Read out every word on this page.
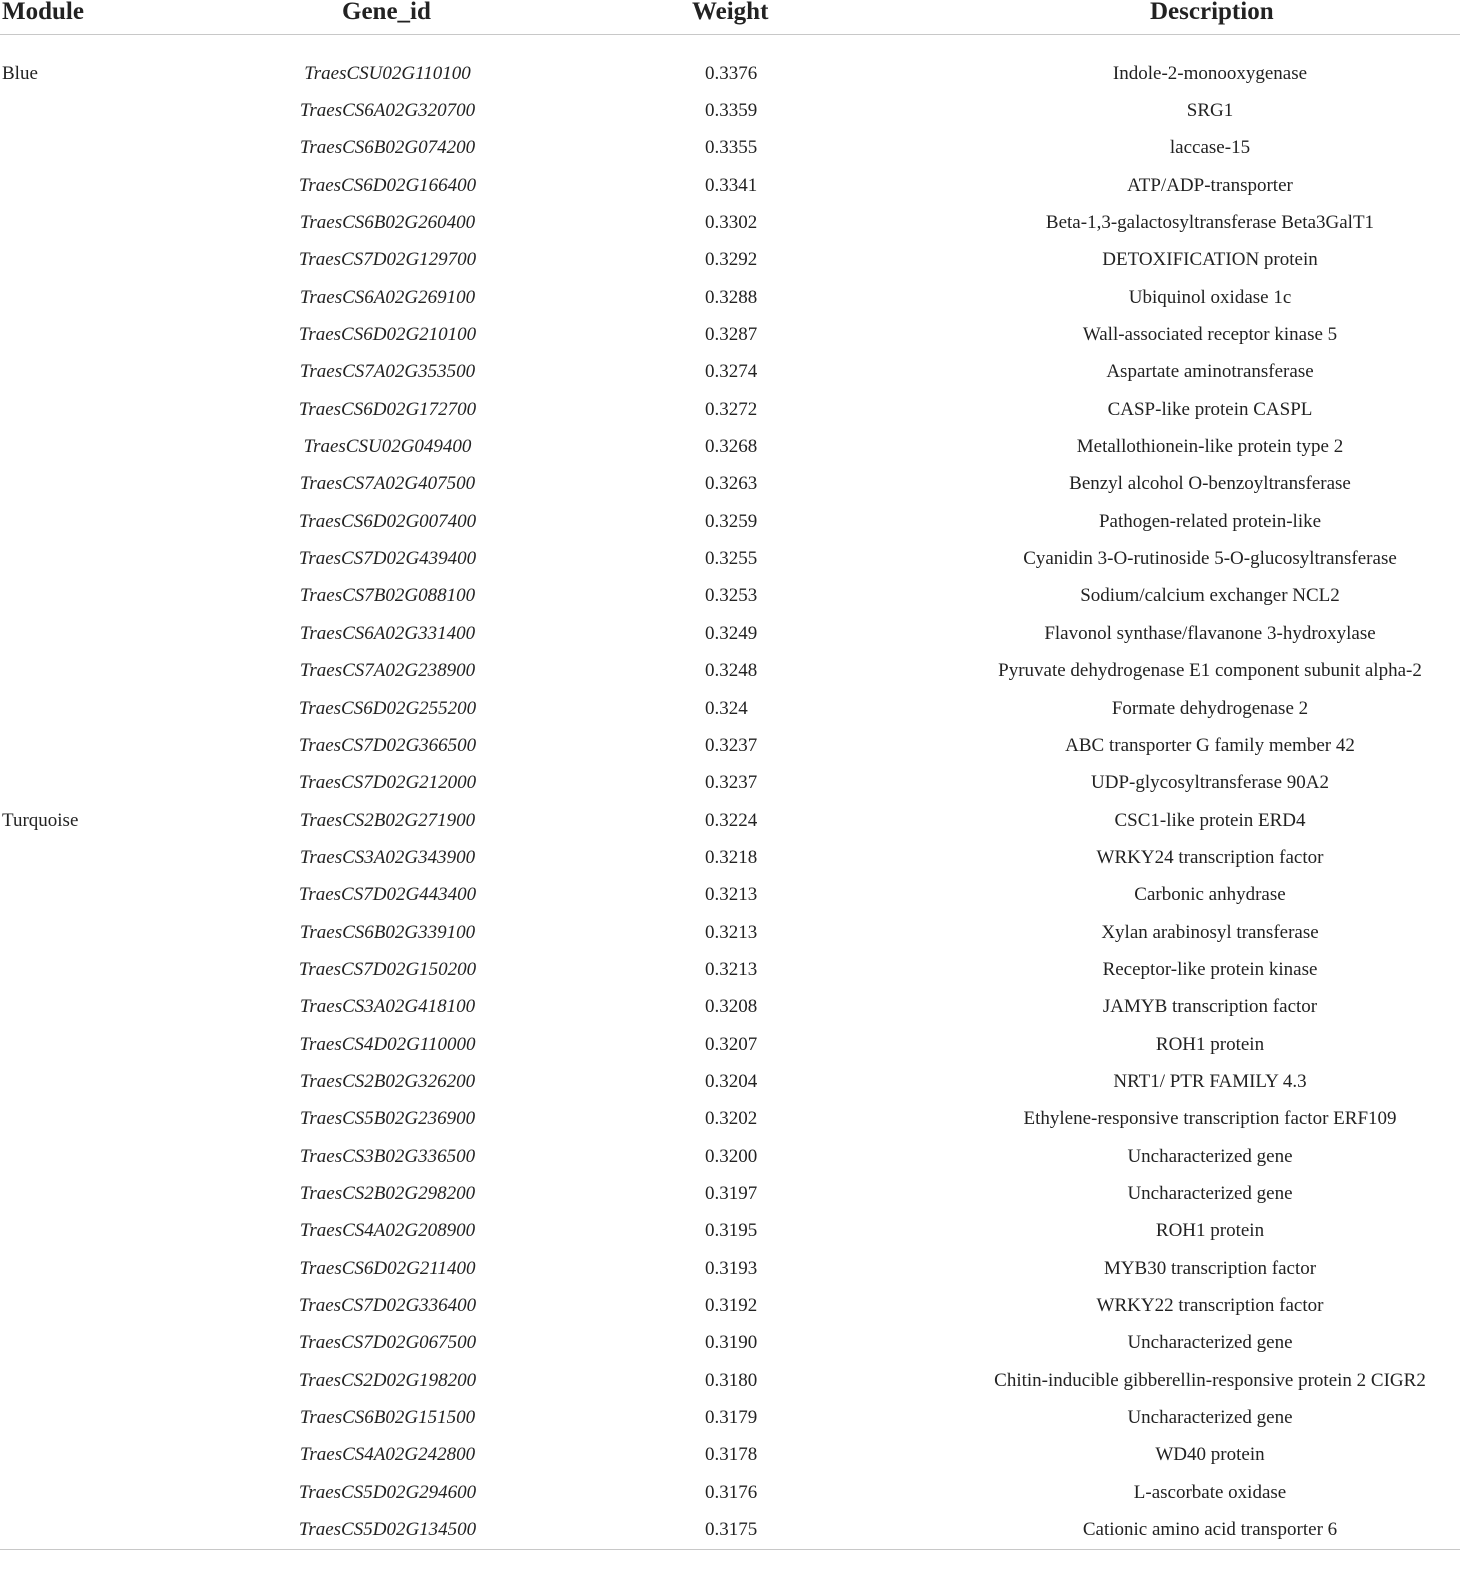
Module	Gene_id	Weight	Description

Blue	TraesCSU02G110100	0.3376	Indole-2-monooxygenase
	TraesCS6A02G320700	0.3359	SRG1
	TraesCS6B02G074200	0.3355	laccase-15
	TraesCS6D02G166400	0.3341	ATP/ADP-transporter
	TraesCS6B02G260400	0.3302	Beta-1,3-galactosyltransferase Beta3GalT1
	TraesCS7D02G129700	0.3292	DETOXIFICATION protein
	TraesCS6A02G269100	0.3288	Ubiquinol oxidase 1c
	TraesCS6D02G210100	0.3287	Wall-associated receptor kinase 5
	TraesCS7A02G353500	0.3274	Aspartate aminotransferase
	TraesCS6D02G172700	0.3272	CASP-like protein CASPL
	TraesCSU02G049400	0.3268	Metallothionein-like protein type 2
	TraesCS7A02G407500	0.3263	Benzyl alcohol O-benzoyltransferase
	TraesCS6D02G007400	0.3259	Pathogen-related protein-like
	TraesCS7D02G439400	0.3255	Cyanidin 3-O-rutinoside 5-O-glucosyltransferase
	TraesCS7B02G088100	0.3253	Sodium/calcium exchanger NCL2
	TraesCS6A02G331400	0.3249	Flavonol synthase/flavanone 3-hydroxylase
	TraesCS7A02G238900	0.3248	Pyruvate dehydrogenase E1 component subunit alpha-2
	TraesCS6D02G255200	0.324	Formate dehydrogenase 2
	TraesCS7D02G366500	0.3237	ABC transporter G family member 42
	TraesCS7D02G212000	0.3237	UDP-glycosyltransferase 90A2
Turquoise	TraesCS2B02G271900	0.3224	CSC1-like protein ERD4
	TraesCS3A02G343900	0.3218	WRKY24 transcription factor
	TraesCS7D02G443400	0.3213	Carbonic anhydrase
	TraesCS6B02G339100	0.3213	Xylan arabinosyl transferase
	TraesCS7D02G150200	0.3213	Receptor-like protein kinase
	TraesCS3A02G418100	0.3208	JAMYB transcription factor
	TraesCS4D02G110000	0.3207	ROH1 protein
	TraesCS2B02G326200	0.3204	NRT1/ PTR FAMILY 4.3
	TraesCS5B02G236900	0.3202	Ethylene-responsive transcription factor ERF109
	TraesCS3B02G336500	0.3200	Uncharacterized gene
	TraesCS2B02G298200	0.3197	Uncharacterized gene
	TraesCS4A02G208900	0.3195	ROH1 protein
	TraesCS6D02G211400	0.3193	MYB30 transcription factor
	TraesCS7D02G336400	0.3192	WRKY22 transcription factor
	TraesCS7D02G067500	0.3190	Uncharacterized gene
	TraesCS2D02G198200	0.3180	Chitin-inducible gibberellin-responsive protein 2 CIGR2
	TraesCS6B02G151500	0.3179	Uncharacterized gene
	TraesCS4A02G242800	0.3178	WD40 protein
	TraesCS5D02G294600	0.3176	L-ascorbate oxidase
	TraesCS5D02G134500	0.3175	Cationic amino acid transporter 6
